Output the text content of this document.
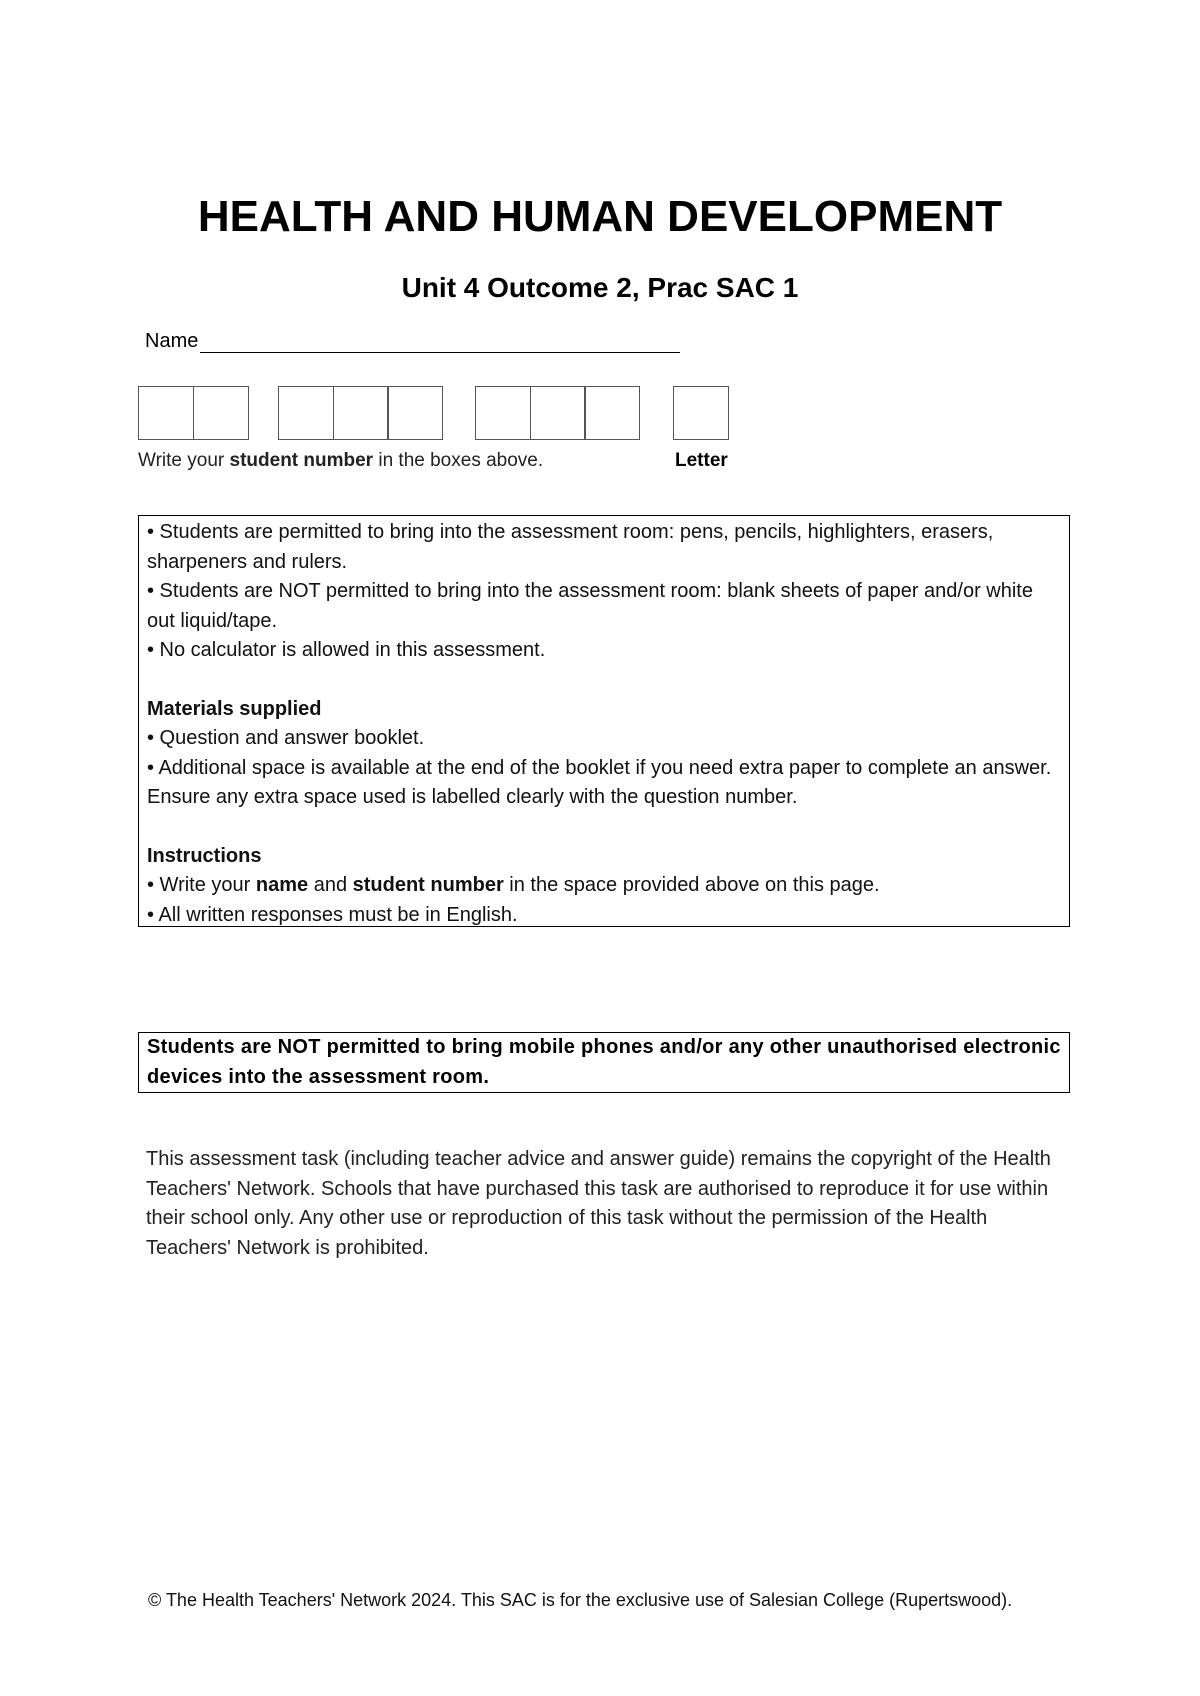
HEALTH AND HUMAN DEVELOPMENT
Unit 4 Outcome 2, Prac SAC 1
Name
Write your student number in the boxes above.	Letter

• Students are permitted to bring into the assessment room: pens, pencils, highlighters, erasers, sharpeners and rulers.

• Students are NOT permitted to bring into the assessment room: blank sheets of paper and/or white out liquid/tape.

• No calculator is allowed in this assessment.

Materials supplied

• Question and answer booklet.

• Additional space is available at the end of the booklet if you need extra paper to complete an answer. Ensure any extra space used is labelled clearly with the question number.

Instructions

• Write your name and student number in the space provided above on this page.

• All written responses must be in English.

Students are NOT permitted to bring mobile phones and/or any other unauthorised electronic devices into the assessment room.
This assessment task (including teacher advice and answer guide) remains the copyright of the Health Teachers' Network. Schools that have purchased this task are authorised to reproduce it for use within their school only. Any other use or reproduction of this task without the permission of the Health Teachers' Network is prohibited.
© The Health Teachers' Network 2024. This SAC is for the exclusive use of Salesian College (Rupertswood).
